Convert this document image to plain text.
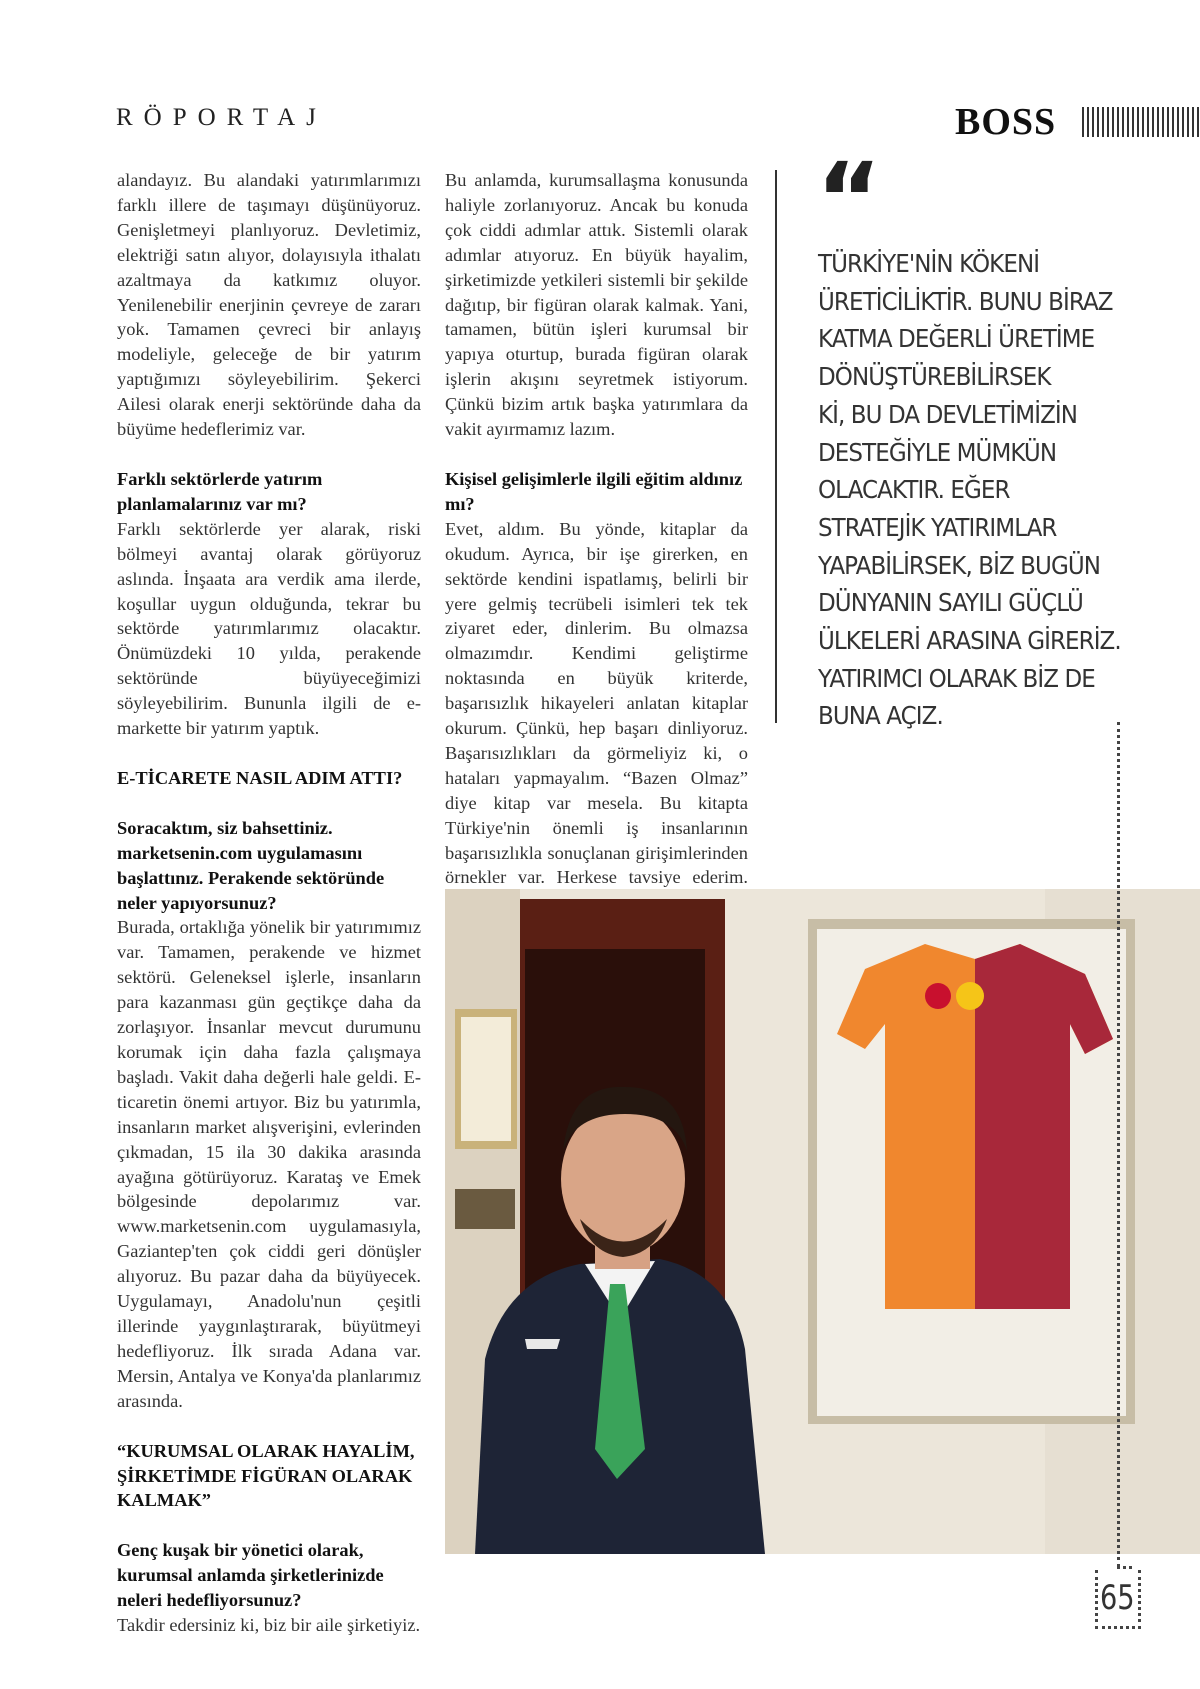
RÖPORTAJ	BOSS

alandayız. Bu alandaki yatırımlarımızı farklı illere de taşımayı düşünüyoruz. Genişletmeyi planlıyoruz. Devletimiz, elektriği satın alıyor, dolayısıyla ithalatı azaltmaya da katkımız oluyor. Yenilenebilir enerjinin çevreye de zararı yok. Tamamen çevreci bir anlayış modeliyle, geleceğe de bir yatırım yaptığımızı söyleyebilirim. Şekerci Ailesi olarak enerji sektöründe daha da büyüme hedeflerimiz var.

Farklı sektörlerde yatırım planlamalarınız var mı?

Farklı sektörlerde yer alarak, riski bölmeyi avantaj olarak görüyoruz aslında. İnşaata ara verdik ama ilerde, koşullar uygun olduğunda, tekrar bu sektörde yatırımlarımız olacaktır. Önümüzdeki 10 yılda, perakende sektöründe büyüyeceğimizi söyleyebilirim. Bununla ilgili de e-markette bir yatırım yaptık.

E-TİCARETE NASIL ADIM ATTI?
Soracaktım, siz bahsettiniz. marketsenin.com uygulamasını başlattınız. Perakende sektöründe neler yapıyorsunuz?

Burada, ortaklığa yönelik bir yatırımımız var. Tamamen, perakende ve hizmet sektörü. Geleneksel işlerle, insanların para kazanması gün geçtikçe daha da zorlaşıyor. İnsanlar mevcut durumunu korumak için daha fazla çalışmaya başladı. Vakit daha değerli hale geldi. E-ticaretin önemi artıyor. Biz bu yatırımla, insanların market alışverişini, evlerinden çıkmadan, 15 ila 30 dakika arasında ayağına götürüyoruz. Karataş ve Emek bölgesinde depolarımız var. www.marketsenin.com uygulamasıyla, Gaziantep'ten çok ciddi geri dönüşler alıyoruz. Bu pazar daha da büyüyecek. Uygulamayı, Anadolu'nun çeşitli illerinde yaygınlaştırarak, büyütmeyi hedefliyoruz. İlk sırada Adana var. Mersin, Antalya ve Konya'da planlarımız arasında.

“KURUMSAL OLARAK HAYALİM, ŞİRKETİMDE FİGÜRAN OLARAK KALMAK”
Genç kuşak bir yönetici olarak, kurumsal anlamda şirketlerinizde neleri hedefliyorsunuz?

Takdir edersiniz ki, biz bir aile şirketiyiz.

Bu anlamda, kurumsallaşma konusunda haliyle zorlanıyoruz. Ancak bu konuda çok ciddi adımlar attık. Sistemli olarak adımlar atıyoruz. En büyük hayalim, şirketimizde yetkileri sistemli bir şekilde dağıtıp, bir figüran olarak kalmak. Yani, tamamen, bütün işleri kurumsal bir yapıya oturtup, burada figüran olarak işlerin akışını seyretmek istiyorum. Çünkü bizim artık başka yatırımlara da vakit ayırmamız lazım.

Kişisel gelişimlerle ilgili eğitim aldınız mı?

Evet, aldım. Bu yönde, kitaplar da okudum. Ayrıca, bir işe girerken, en sektörde kendini ispatlamış, belirli bir yere gelmiş tecrübeli isimleri tek tek ziyaret eder, dinlerim. Bu olmazsa olmazımdır. Kendimi geliştirme noktasında en büyük kriterde, başarısızlık hikayeleri anlatan kitaplar okurum. Çünkü, hep başarı dinliyoruz. Başarısızlıkları da görmeliyiz ki, o hataları yapmayalım. “Bazen Olmaz” diye kitap var mesela. Bu kitapta Türkiye'nin önemli iş insanlarının başarısızlıkla sonuçlanan girişimlerinden örnekler var. Herkese tavsiye ederim.

“
TÜRKİYE'NİN KÖKENİ
ÜRETİCİLİKTİR. BUNU BİRAZ
KATMA DEĞERLİ ÜRETİME
DÖNÜŞTÜREBİLİRSEK
Kİ, BU DA DEVLETİMİZİN
DESTEĞİYLE MÜMKÜN
OLACAKTIR. EĞER
STRATEJİK YATIRIMLAR
YAPABİLİRSEK, BİZ BUGÜN
DÜNYANIN SAYILI GÜÇLÜ
ÜLKELERİ ARASINA GİRERİZ.
YATIRIMCI OLARAK BİZ DE
BUNA AÇIZ.
65
